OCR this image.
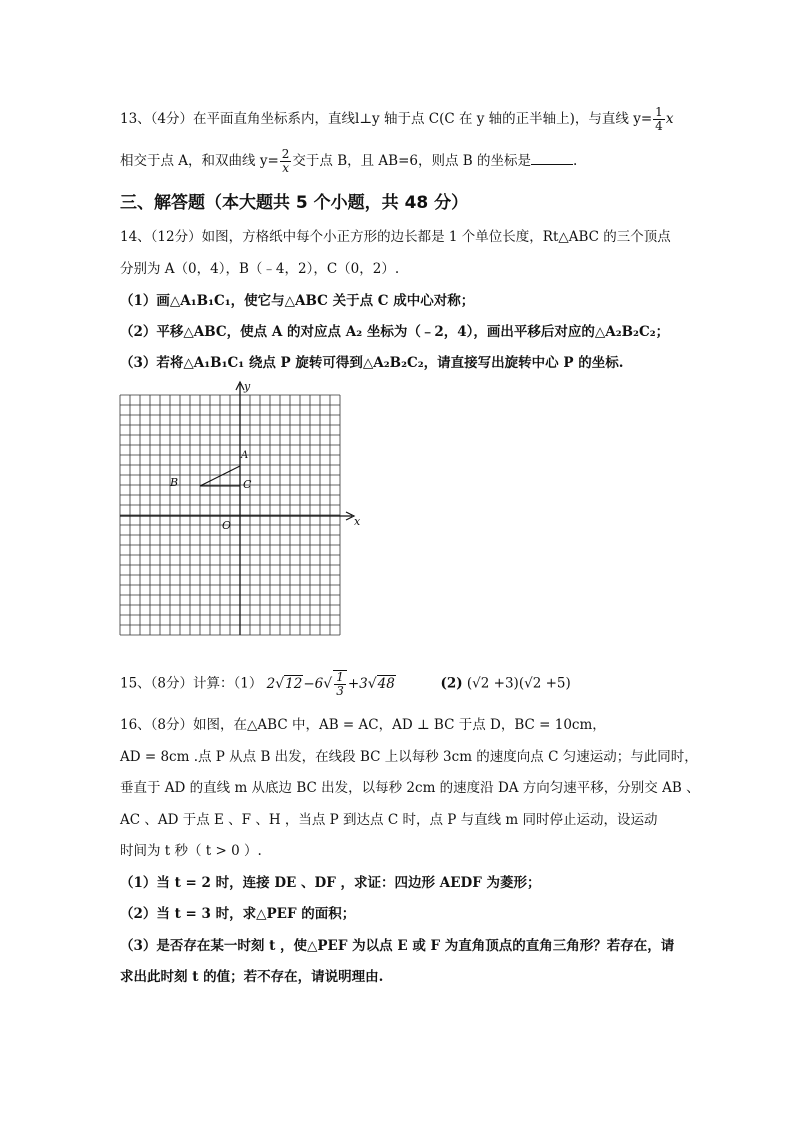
13、（4分）在平面直角坐标系内，直线l⊥y 轴于点 C(C 在 y 轴的正半轴上)，与直线 $y= \frac{1}{4}$ x
相交于点 A，和双曲线 $y= \frac{2}{x}$ 交于点 B，且 AB=6，则点 B 的坐标是	.
三、解答题（本大题共 5 个小题，共 48 分）
14、（12分）如图，方格纸中每个小正方形的边长都是 1 个单位长度，Rt△ABC 的三个顶点
分别为 A（0，4），B（﹣4，2），C（0，2）.
（1）画△A₁B₁C₁，使它与△ABC 关于点 C 成中心对称；
（2）平移△ABC，使点 A 的对应点 A₂ 坐标为（﹣2，4），画出平移后对应的△A₂B₂C₂；
（3）若将△A₁B₁C₁ 绕点 P 旋转可得到△A₂B₂C₂，请直接写出旋转中心 P 的坐标.
y
x
O
A
B	C
15、（8分）计算：（1） $2√12-6√ \frac{1}{3} +3√48$	(2) (√2 +3)(√2 +5)
16、（8分）如图，在△ABC 中，AB = AC，AD ⊥ BC 于点 D，BC = 10cm，
AD = 8cm .点 P 从点 B 出发，在线段 BC 上以每秒 3cm 的速度向点 C 匀速运动；与此同时，
垂直于 AD 的直线 m 从底边 BC 出发，以每秒 2cm 的速度沿 DA 方向匀速平移，分别交 AB 、
AC 、AD 于点 E 、F 、H ，当点 P 到达点 C 时，点 P 与直线 m 同时停止运动，设运动
时间为 t 秒（ t > 0 ）.
（1）当 t = 2 时，连接 DE 、DF ，求证：四边形 AEDF 为菱形；
（2）当 t = 3 时，求△PEF 的面积；
（3）是否存在某一时刻 t ，使△PEF 为以点 E 或 F 为直角顶点的直角三角形？若存在，请
求出此时刻 t 的值；若不存在，请说明理由.
